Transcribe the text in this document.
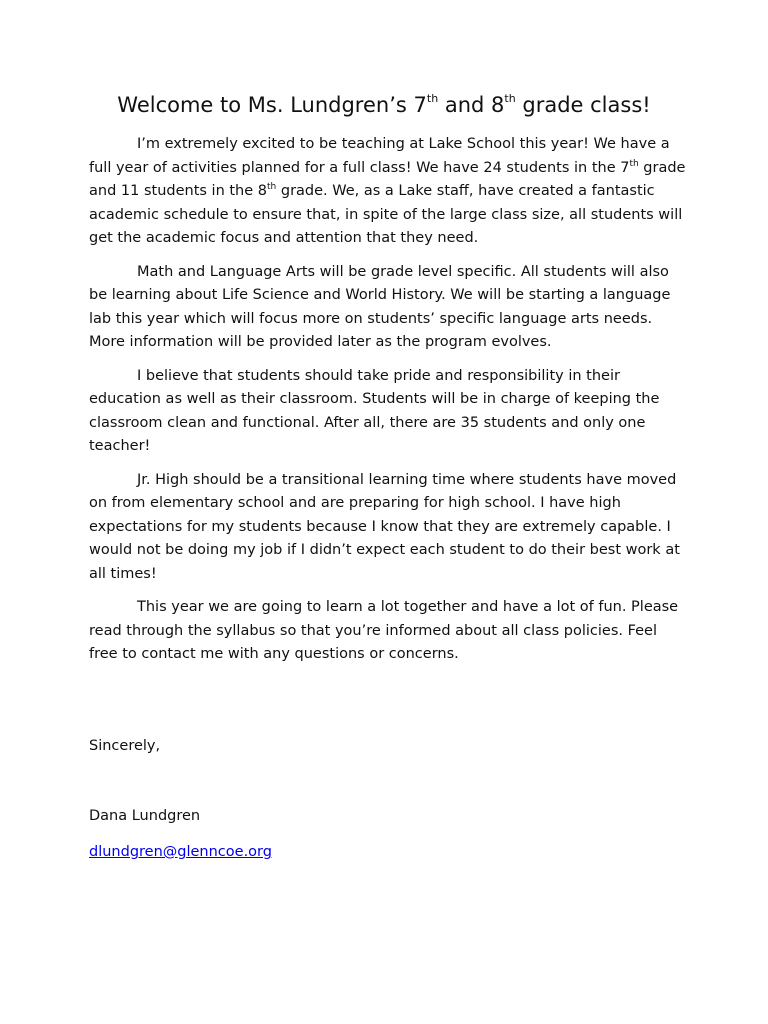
Welcome to Ms. Lundgren’s 7th and 8th grade class!

I’m extremely excited to be teaching at Lake School this year! We have a full year of activities planned for a full class! We have 24 students in the 7th grade and 11 students in the 8th grade. We, as a Lake staff, have created a fantastic academic schedule to ensure that, in spite of the large class size, all students will get the academic focus and attention that they need.

Math and Language Arts will be grade level specific. All students will also be learning about Life Science and World History. We will be starting a language lab this year which will focus more on students’ specific language arts needs. More information will be provided later as the program evolves.

I believe that students should take pride and responsibility in their education as well as their classroom. Students will be in charge of keeping the classroom clean and functional. After all, there are 35 students and only one teacher!

Jr. High should be a transitional learning time where students have moved on from elementary school and are preparing for high school. I have high expectations for my students because I know that they are extremely capable. I would not be doing my job if I didn’t expect each student to do their best work at all times!

This year we are going to learn a lot together and have a lot of fun. Please read through the syllabus so that you’re informed about all class policies. Feel free to contact me with any questions or concerns.

Sincerely,

Dana Lundgren

dlundgren@glenncoe.org
